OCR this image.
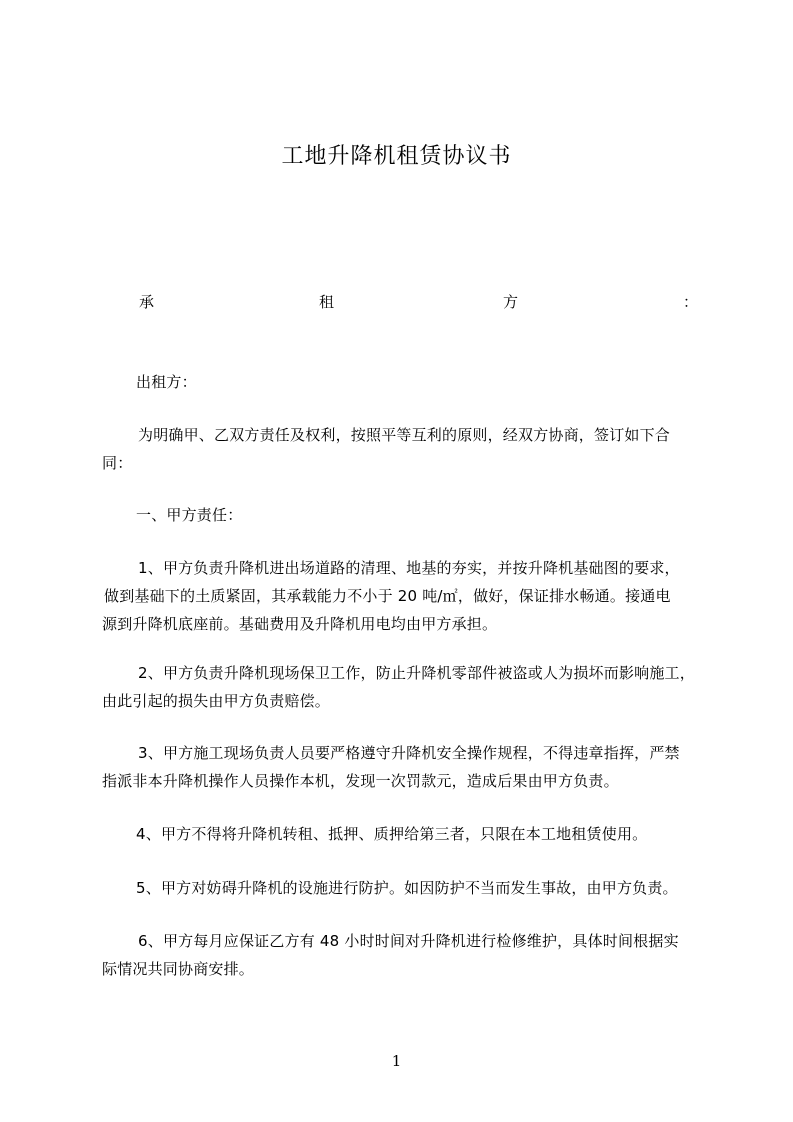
工地升降机租赁协议书
承	租	方	：
出租方：
为明确甲、乙双方责任及权利，按照平等互利的原则，经双方协商，签订如下合
同：
一、甲方责任：
1、甲方负责升降机进出场道路的清理、地基的夯实，并按升降机基础图的要求，
做到基础下的土质紧固，其承载能力不小于 20 吨/㎡，做好，保证排水畅通。接通电
源到升降机底座前。基础费用及升降机用电均由甲方承担。
2、甲方负责升降机现场保卫工作，防止升降机零部件被盗或人为损坏而影响施工，
由此引起的损失由甲方负责赔偿。
3、甲方施工现场负责人员要严格遵守升降机安全操作规程，不得违章指挥，严禁
指派非本升降机操作人员操作本机，发现一次罚款元，造成后果由甲方负责。
4、甲方不得将升降机转租、抵押、质押给第三者，只限在本工地租赁使用。
5、甲方对妨碍升降机的设施进行防护。如因防护不当而发生事故，由甲方负责。
6、甲方每月应保证乙方有 48 小时时间对升降机进行检修维护，具体时间根据实
际情况共同协商安排。
1
